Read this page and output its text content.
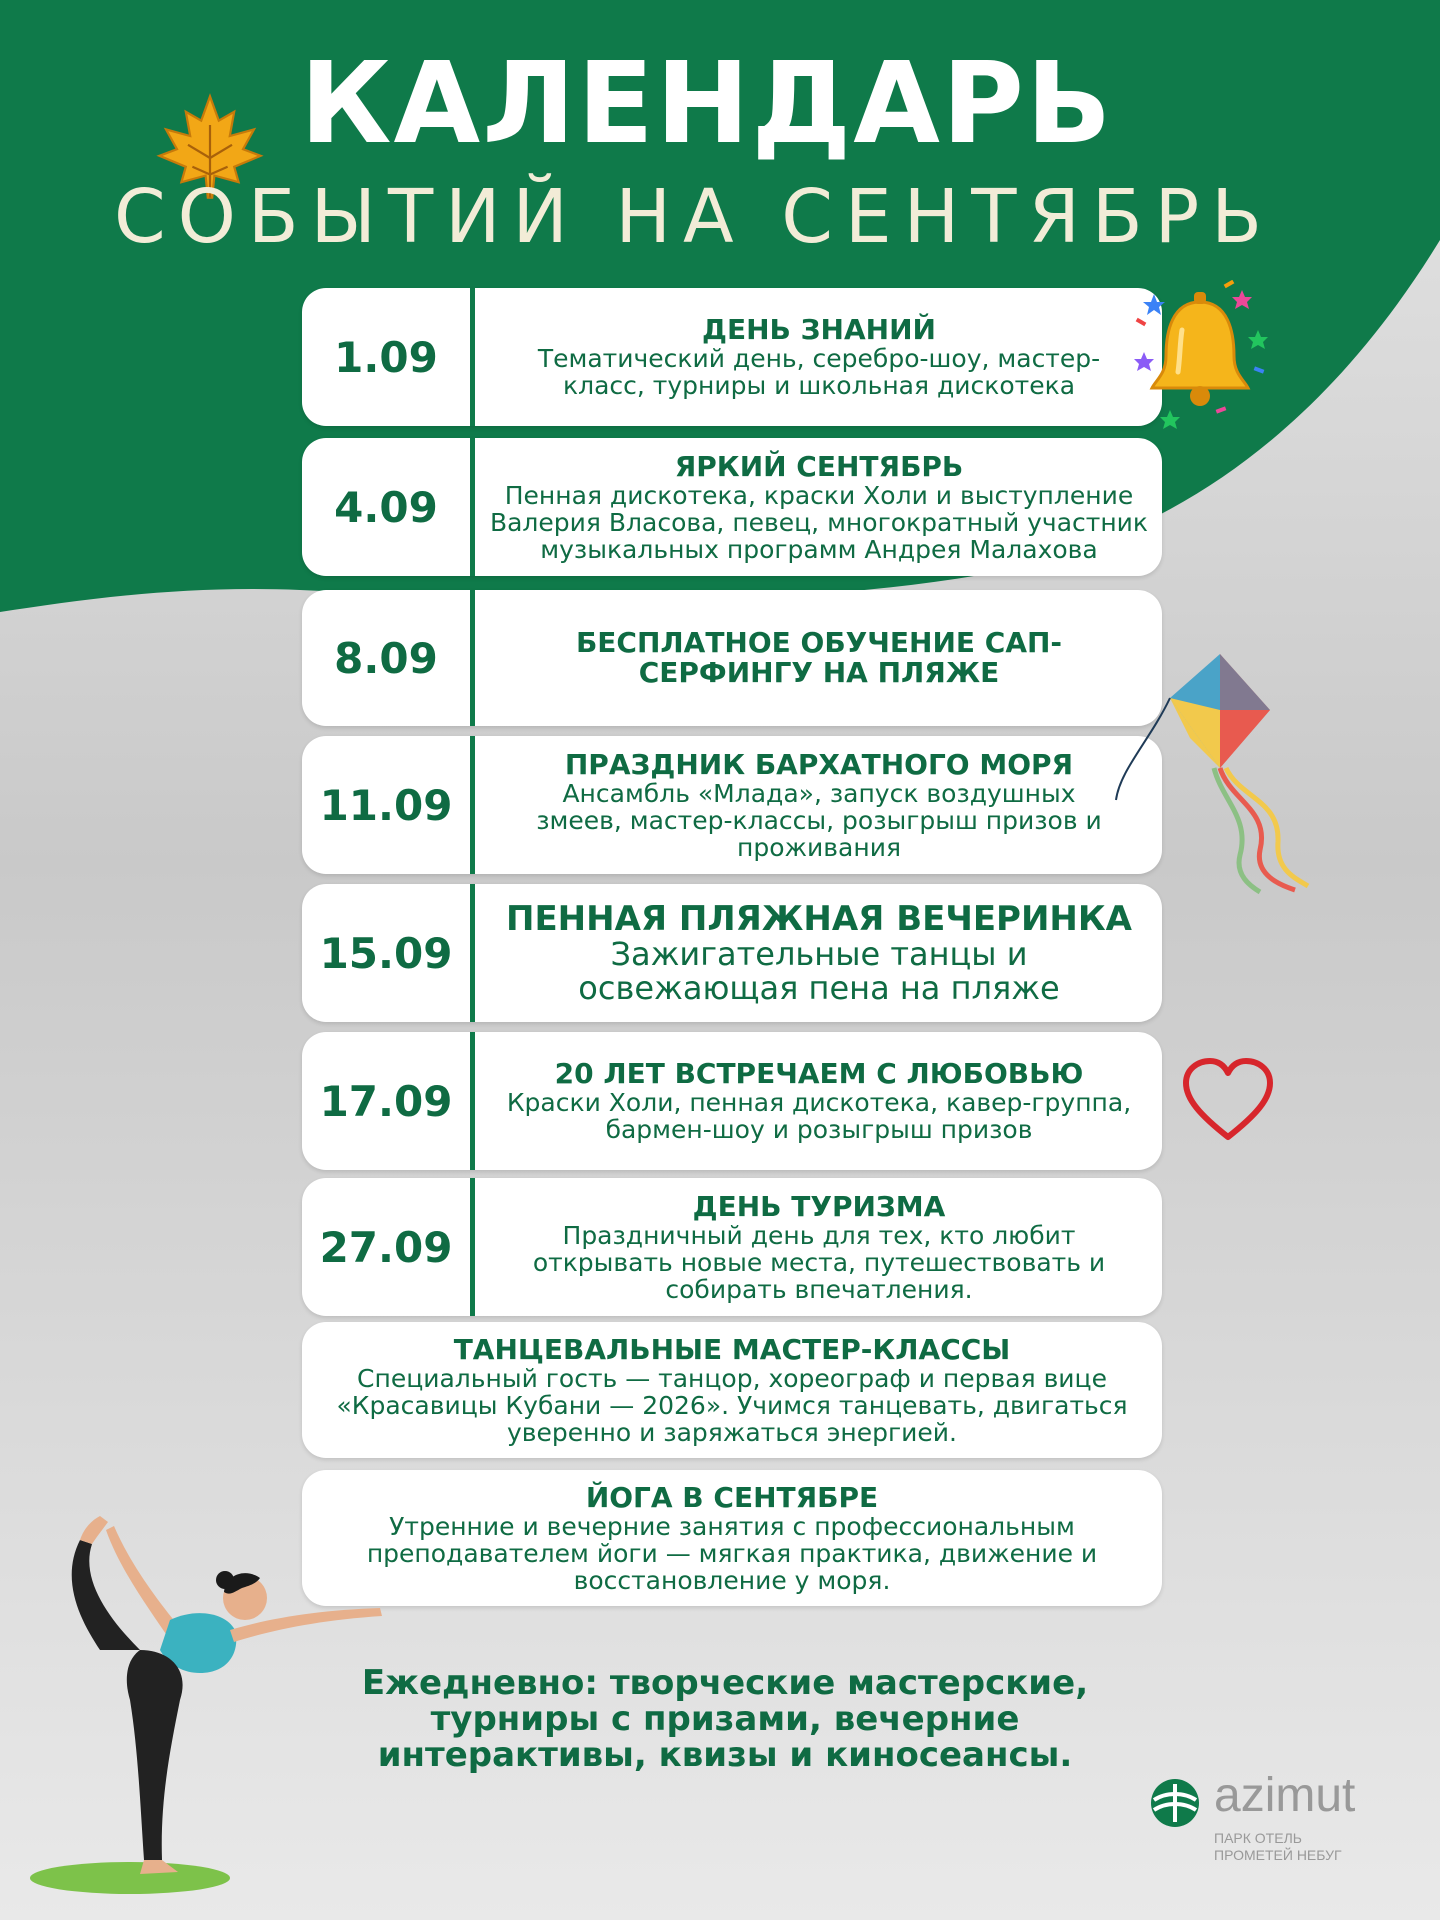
КАЛЕНДАРЬ
СОБЫТИЙ НА СЕНТЯБРЬ
1.09
ДЕНЬ ЗНАНИЙ
Тематический день, серебро-шоу, мастер-класс, турниры и школьная дискотека
4.09
ЯРКИЙ СЕНТЯБРЬ
Пенная дискотека, краски Холи и выступление Валерия Власова, певец, многократный участник музыкальных программ Андрея Малахова
8.09	БЕСПЛАТНОЕ ОБУЧЕНИЕ САП-СЕРФИНГУ НА ПЛЯЖЕ
11.09
ПРАЗДНИК БАРХАТНОГО МОРЯ
Ансамбль «Млада», запуск воздушных змеев, мастер-классы, розыгрыш призов и проживания
15.09
ПЕННАЯ ПЛЯЖНАЯ ВЕЧЕРИНКА
Зажигательные танцы и освежающая пена на пляже
17.09
20 ЛЕТ ВСТРЕЧАЕМ С ЛЮБОВЬЮ
Краски Холи, пенная дискотека, кавер-группа, бармен-шоу и розыгрыш призов
27.09
ДЕНЬ ТУРИЗМА
Праздничный день для тех, кто любит открывать новые места, путешествовать и собирать впечатления.
ТАНЦЕВАЛЬНЫЕ МАСТЕР-КЛАССЫ
Специальный гость — танцор, хореограф и первая вице «Красавицы Кубани — 2026». Учимся танцевать, двигаться уверенно и заряжаться энергией.
ЙОГА В СЕНТЯБРЕ
Утренние и вечерние занятия с профессиональным преподавателем йоги — мягкая практика, движение и восстановление у моря.
Ежедневно: творческие мастерские, турниры с призами, вечерние интерактивы, квизы и киносеансы.
azimut
ПАРК ОТЕЛЬ ПРОМЕТЕЙ НЕБУГ
